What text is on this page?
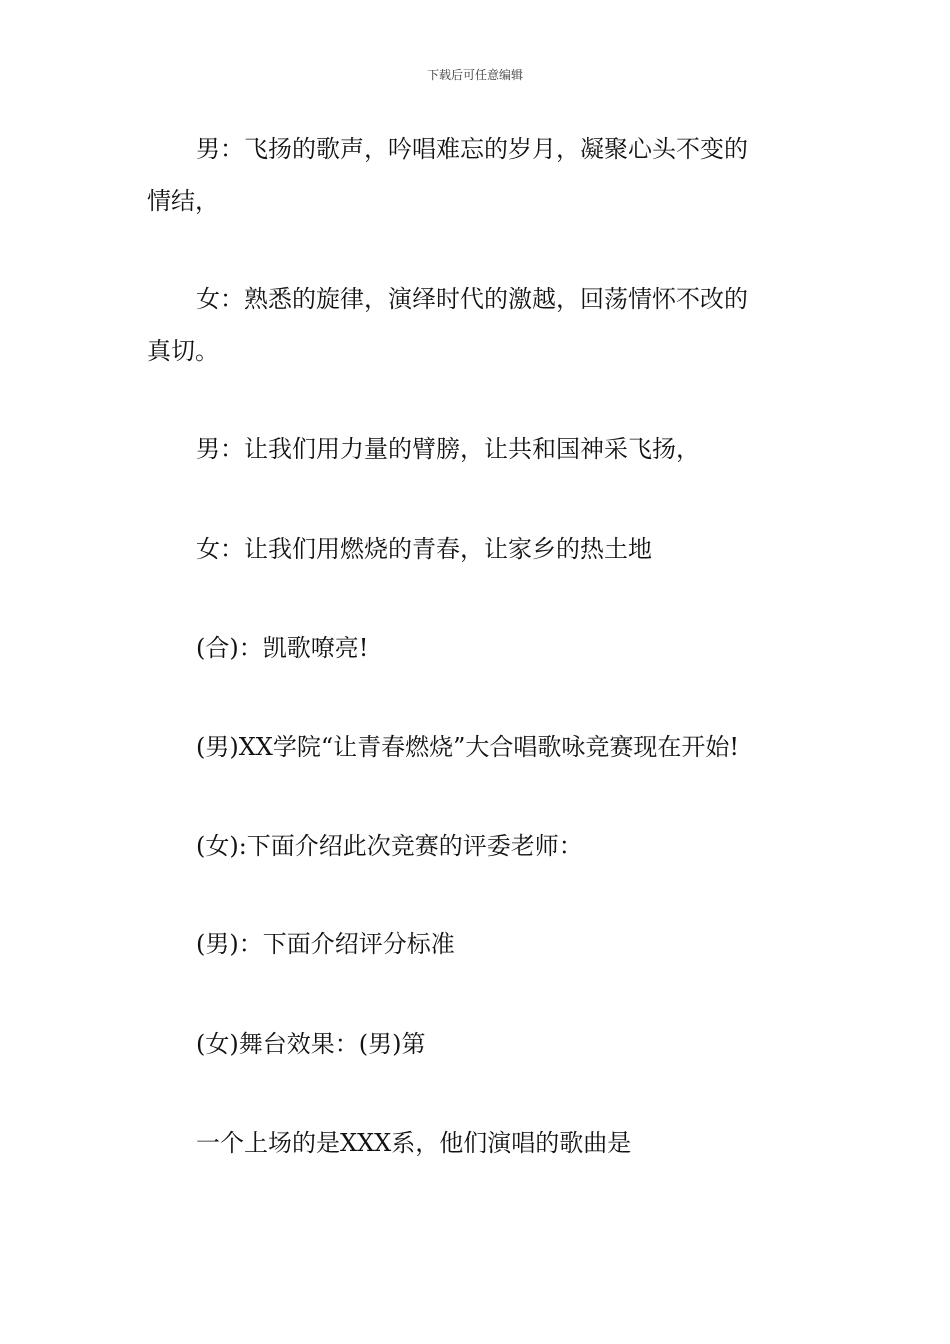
下载后可任意编辑
男：飞扬的歌声，吟唱难忘的岁月，凝聚心头不变的
情结，
女：熟悉的旋律，演绎时代的激越，回荡情怀不改的
真切。
男：让我们用力量的臂膀，让共和国神采飞扬，
女：让我们用燃烧的青春，让家乡的热土地
(合)：凯歌嘹亮!
(男)XX学院“让青春燃烧”大合唱歌咏竞赛现在开始!
(女):下面介绍此次竞赛的评委老师：
(男)：下面介绍评分标准
(女)舞台效果：(男)第
一个上场的是XXX系，他们演唱的歌曲是
